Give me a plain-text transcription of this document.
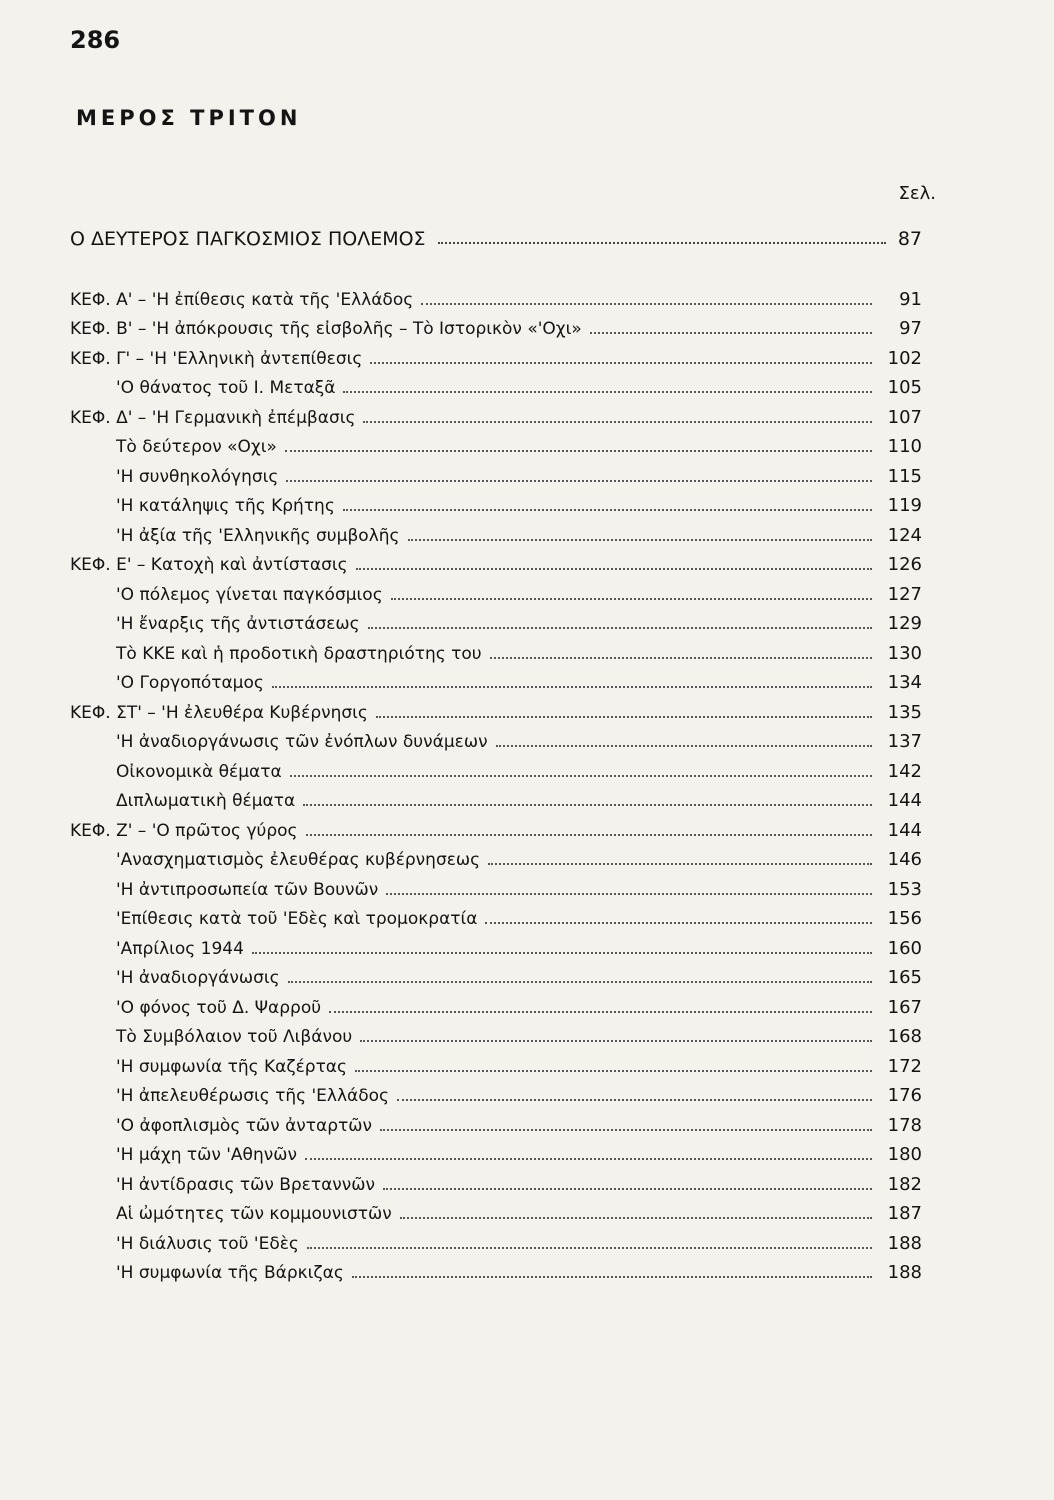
286
ΜΕΡΟΣ ΤΡΙΤΟΝ
Σελ.
Ο ΔΕΥΤΕΡΟΣ ΠΑΓΚΟΣΜΙΟΣ ΠΟΛΕΜΟΣ	87
ΚΕΦ. Α' – 'Η ἐπίθεσις κατὰ τῆς 'Ελλάδος	91
ΚΕΦ. Β' – 'Η ἀπόκρουσις τῆς εἰσβολῆς – Τὸ Ιστορικὸν «'Οχι»	97
ΚΕΦ. Γ' – 'Η 'Ελληνικὴ ἀντεπίθεσις	102
'Ο θάνατος τοῦ Ι. Μεταξᾶ	105
ΚΕΦ. Δ' – 'Η Γερμανικὴ ἐπέμβασις	107
Τὸ δεύτερον «Οχι»	110
'Η συνθηκολόγησις	115
'Η κατάληψις τῆς Κρήτης	119
'Η ἀξία τῆς 'Ελληνικῆς συμβολῆς	124
ΚΕΦ. Ε' – Κατοχὴ καὶ ἀντίστασις	126
'Ο πόλεμος γίνεται παγκόσμιος	127
'Η ἔναρξις τῆς ἀντιστάσεως	129
Τὸ ΚΚΕ καὶ ἡ προδοτικὴ δραστηριότης του	130
'Ο Γοργοπόταμος	134
ΚΕΦ. ΣΤ' – 'Η ἐλευθέρα Κυβέρνησις	135
'Η ἀναδιοργάνωσις τῶν ἐνόπλων δυνάμεων	137
Οἰκονομικὰ θέματα	142
Διπλωματικὴ θέματα	144
ΚΕΦ. Ζ' – 'Ο πρῶτος γύρος	144
'Ανασχηματισμὸς ἐλευθέρας κυβέρνησεως	146
'Η ἀντιπροσωπεία τῶν Βουνῶν	153
'Επίθεσις κατὰ τοῦ 'Εδὲς καὶ τρομοκρατία	156
'Απρίλιος 1944	160
'Η ἀναδιοργάνωσις	165
'Ο φόνος τοῦ Δ. Ψαρροῦ	167
Τὸ Συμβόλαιον τοῦ Λιβάνου	168
'Η συμφωνία τῆς Καζέρτας	172
'Η ἀπελευθέρωσις τῆς 'Ελλάδος	176
'Ο ἀφοπλισμὸς τῶν ἀνταρτῶν	178
'Η μάχη τῶν 'Αθηνῶν	180
'Η ἀντίδρασις τῶν Βρεταννῶν	182
Αἱ ὠμότητες τῶν κομμουνιστῶν	187
'Η διάλυσις τοῦ 'Εδὲς	188
'Η συμφωνία τῆς Βάρκιζας	188
